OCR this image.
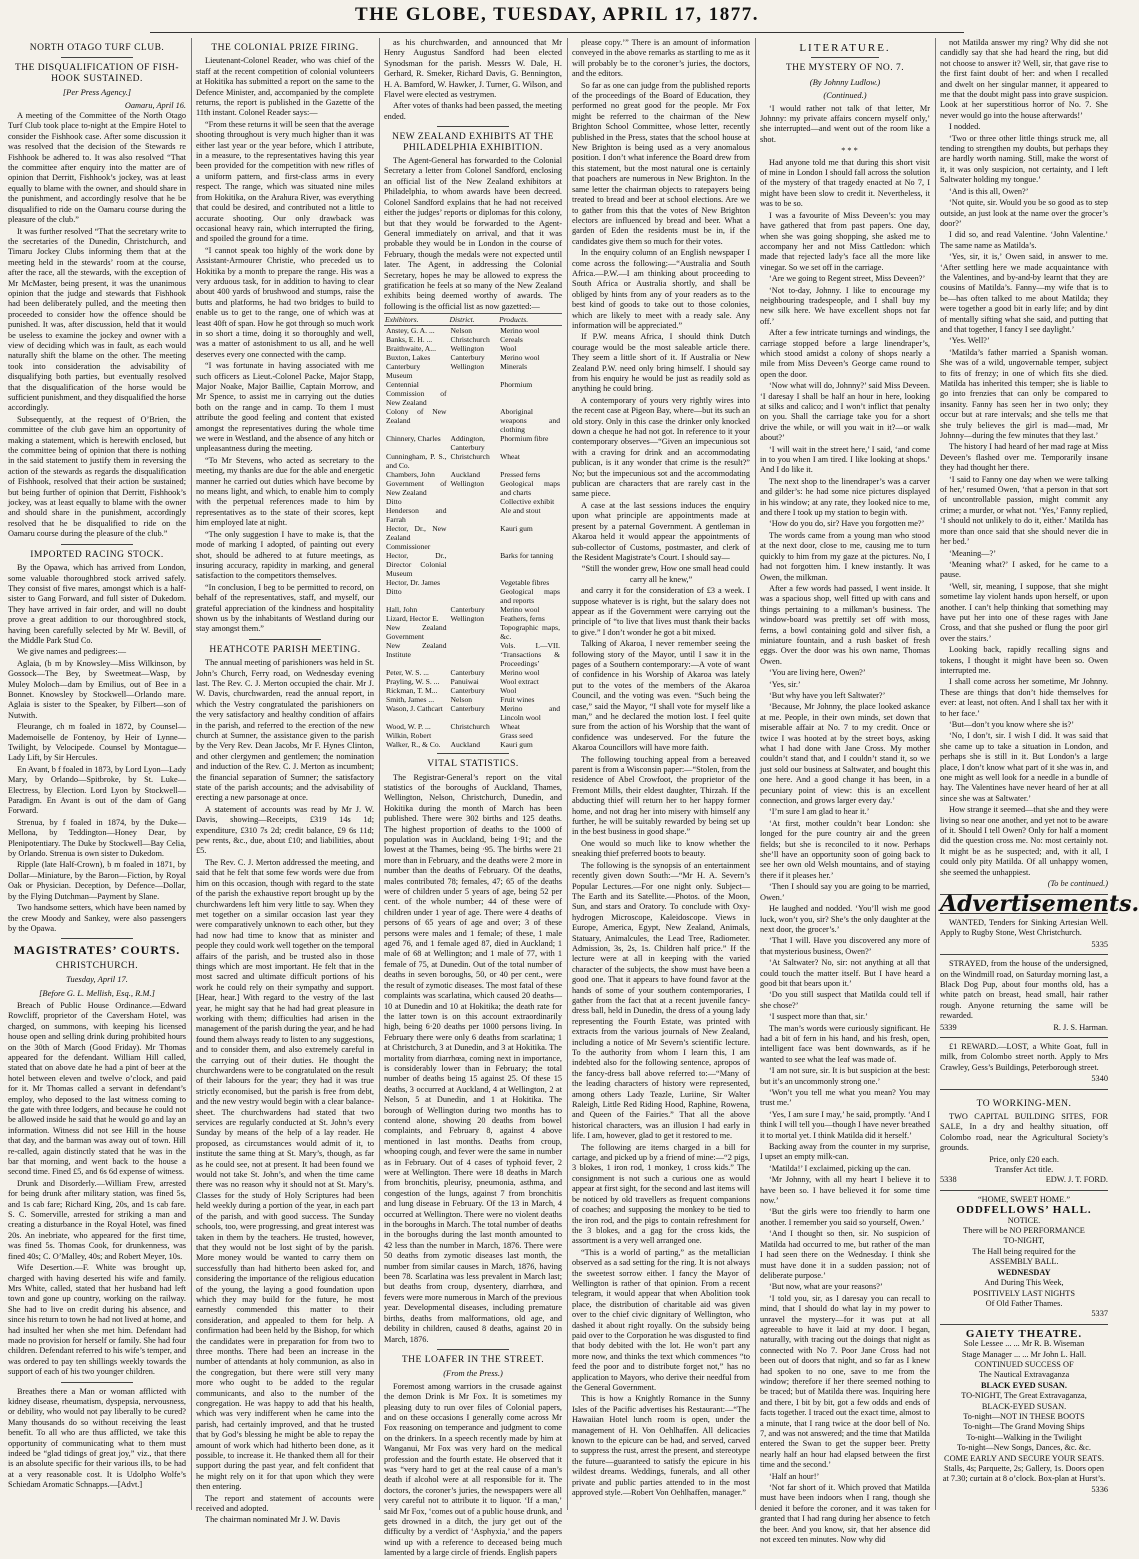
THE GLOBE, TUESDAY, APRIL 17, 1877.
NORTH OTAGO TURF CLUB.
THE DISQUALIFICATION OF FISH-HOOK SUSTAINED.
[Per Press Agency.]
Oamaru, April 16.

A meeting of the Committee of the North Otago Turf Club took place to-night at the Empire Hotel to consider the Fishhook case. After some discussion it was resolved that the decision of the Stewards re Fishhook be adhered to. It was also resolved “That the committee after enquiry into the matter are of opinion that Derritt, Fishhook’s jockey, was at least equally to blame with the owner, and should share in the punishment, and accordingly resolve that he be disqualified to ride on the Oamaru course during the pleasure of the club.”

It was further resolved “That the secretary write to the secretaries of the Dunedin, Christchurch, and Timaru Jockey Clubs informing them that at the meeting held in the stewards’ room at the course, after the race, all the stewards, with the exception of Mr McMaster, being present, it was the unanimous opinion that the judge and stewards that Fishhook had been deliberately pulled, and the meeting then proceeded to consider how the offence should be punished. It was, after discussion, held that it would be useless to examine the jockey and owner with a view of deciding which was in fault, as each would naturally shift the blame on the other. The meeting took into consideration the advisability of disqualifying both parties, but eventually resolved that the disqualification of the horse would be sufficient punishment, and they disqualified the horse accordingly.

Subsequently, at the request of O’Brien, the committee of the club gave him an opportunity of making a statement, which is herewith enclosed, but the committee being of opinion that there is nothing in the said statement to justify them in reversing the action of the stewards as regards the disqualification of Fishhook, resolved that their action be sustained; but being further of opinion that Derritt, Fishhook’s jockey, was at least equally to blame with the owner and should share in the punishment, accordingly resolved that he be disqualified to ride on the Oamaru course during the pleasure of the club.”

IMPORTED RACING STOCK.

By the Opawa, which has arrived from London, some valuable thoroughbred stock arrived safely. They consist of five mares, amongst which is a half-sister to Gang Forward, and full sister of Dukedom. They have arrived in fair order, and will no doubt prove a great addition to our thoroughbred stock, having been carefully selected by Mr W. Bevill, of the Middle Park Stud Co.

We give names and pedigrees:—

Aglaia, (b m by Knowsley—Miss Wilkinson, by Gossock—The Bey, by Sweetmeat—Wasp, by Muley Moloch—dam by Emilius, out of Bee in a Bonnet. Knowsley by Stockwell—Orlando mare. Aglaia is sister to the Speaker, by Filbert—son of Nutwith.

Fleurange, ch m foaled in 1872, by Counsel—Mademoiselle de Fontenoy, by Heir of Lynne—Twilight, by Velocipede. Counsel by Montague—Lady Lift, by Sir Hercules.

En Avant, b f foaled in 1873, by Lord Lyon—Lady Mary, by Orlando—Spitbroke, by St. Luke—Electress, by Election. Lord Lyon by Stockwell—Paradigm. En Avant is out of the dam of Gang Forward.

Strenua, by f foaled in 1874, by the Duke—Mellona, by Teddington—Honey Dear, by Plenipotentiary. The Duke by Stockwell—Bay Celia, by Orlando. Strenua is own sister to Dukedom.

Ripple (late Half-Crown), b m foaled in 1871, by Dollar—Miniature, by the Baron—Fiction, by Royal Oak or Physician. Deception, by Defence—Dollar, by the Flying Dutchman—Payment by Slane.

Two handsome setters, which have been named by the crew Moody and Sankey, were also passengers by the Opawa.

MAGISTRATES’ COURTS.
CHRISTCHURCH.
Tuesday, April 17.
[Before G. L. Mellish, Esq., R.M.]

Breach of Public House Ordinance.—Edward Rowcliff, proprietor of the Caversham Hotel, was charged, on summons, with keeping his licensed house open and selling drink during prohibited hours on the 30th of March (Good Friday). Mr Thomas appeared for the defendant. William Hill called, stated that on above date he had a pint of beer at the hotel between eleven and twelve o’clock, and paid for it. Mr Thomas called a servant in defendant’s employ, who deposed to the last witness coming to the gate with three lodgers, and because he could not be allowed inside he said that he would go and lay an information. Witness did not see Hill in the house that day, and the barman was away out of town. Hill re-called, again distinctly stated that he was in the bar that morning, and went back to the house a second time. Fined £5, and 6s 6d expense of witness.

Drunk and Disorderly.—William Frew, arrested for being drunk after military station, was fined 5s, and 1s cab fare; Richard King, 20s, and 1s cab fare. S. C. Somerville, arrested for striking a man and creating a disturbance in the Royal Hotel, was fined 20s. An inebriate, who appeared for the first time, was fined 5s. Thomas Cook, for drunkenness, was fined 40s; C. O’Malley, 40s; and Robert Meyer, 10s.

Wife Desertion.—F. White was brought up, charged with having deserted his wife and family. Mrs White, called, stated that her husband had left town and gone up country, working on the railway. She had to live on credit during his absence, and since his return to town he had not lived at home, and had insulted her when she met him. Defendant had made no provision for herself or family. She had four children. Defendant referred to his wife’s temper, and was ordered to pay ten shillings weekly towards the support of each of his two younger children.

Breathes there a Man or woman afflicted with kidney disease, rheumatism, dyspepsia, nervousness, or debility, who would not pay liberally to be cured? Many thousands do so without receiving the least benefit. To all who are thus afflicted, we take this opportunity of communicating what to them must indeed be “glad tidings of great joy,” viz., that there is an absolute specific for their various ills, to be had at a very reasonable cost. It is Udolpho Wolfe’s Schiedam Aromatic Schnapps.—[Advt.]

THE COLONIAL PRIZE FIRING.

Lieutenant-Colonel Reader, who was chief of the staff at the recent competition of colonial volunteers at Hokitika has submitted a report on the same to the Defence Minister, and, accompanied by the complete returns, the report is published in the Gazette of the 11th instant. Colonel Reader says:—

“From these returns it will be seen that the average shooting throughout is very much higher than it was either last year or the year before, which I attribute, in a measure, to the representatives having this year been provided for the competition with new rifles of a uniform pattern, and first-class arms in every respect. The range, which was situated nine miles from Hokitika, on the Arahura River, was everything that could be desired, and contributed not a little to accurate shooting. Our only drawback was occasional heavy rain, which interrupted the firing, and spoiled the ground for a time.

“I cannot speak too highly of the work done by Assistant-Armourer Christie, who preceded us to Hokitika by a month to prepare the range. His was a very arduous task, for in addition to having to clear about 400 yards of brushwood and stumps, raise the butts and platforms, he had two bridges to build to enable us to get to the range, one of which was at least 40ft of span. How he got through so much work in so short a time, doing it so thoroughly and well, was a matter of astonishment to us all, and he well deserves every one connected with the camp.

“I was fortunate in having associated with me such officers as Lieut.-Colonel Packe, Major Stapp, Major Noake, Major Baillie, Captain Morrow, and Mr Spence, to assist me in carrying out the duties both on the range and in camp. To them I must attribute the good feeling and content that existed amongst the representatives during the whole time we were in Westland, and the absence of any hitch or unpleasantness during the meeting.

“To Mr Stevens, who acted as secretary to the meeting, my thanks are due for the able and energetic manner he carried out duties which have become by no means light, and which, to enable him to comply with the perpetual references made to him by representatives as to the state of their scores, kept him employed late at night.

“The only suggestion I have to make is, that the mode of marking I adopted, of painting out every shot, should be adhered to at future meetings, as insuring accuracy, rapidity in marking, and general satisfaction to the competitors themselves.

“In conclusion, I beg to be permitted to record, on behalf of the representatives, staff, and myself, our grateful appreciation of the kindness and hospitality shown us by the inhabitants of Westland during our stay amongst them.”

HEATHCOTE PARISH MEETING.

The annual meeting of parishioners was held in St. John’s Church, Ferry road, on Wednesday evening last. The Rev. C. J. Merton occupied the chair. Mr J. W. Davis, churchwarden, read the annual report, in which the Vestry congratulated the parishioners on the very satisfactory and healthy condition of affairs in the parish, and referred to the erection of the new church at Sumner, the assistance given to the parish by the Very Rev. Dean Jacobs, Mr F. Hynes Clinton, and other clergymen and gentlemen; the nomination and induction of the Rev. C. J. Merton as incumbent; the financial separation of Sumner; the satisfactory state of the parish accounts; and the advisability of erecting a new parsonage at once.

A statement of accounts was read by Mr J. W. Davis, showing—Receipts, £319 14s 1d; expenditure, £310 7s 2d; credit balance, £9 6s 11d; pew rents, &c., due, about £10; and liabilities, about £5.

The Rev. C. J. Merton addressed the meeting, and said that he felt that some few words were due from him on this occasion, though with regard to the state of the parish the exhaustive report brought up by the churchwardens left him very little to say. When they met together on a similar occasion last year they were comparatively unknown to each other, but they had now had time to know that as minister and people they could work well together on the temporal affairs of the parish, and be trusted also in those things which are most important. He felt that in the most sacred and ultimate difficult portions of his work he could rely on their sympathy and support. [Hear, hear.] With regard to the vestry of the last year, he might say that he had had great pleasure in working with them; difficulties had arisen in the management of the parish during the year, and he had found them always ready to listen to any suggestions, and to consider them, and also extremely careful in the carrying out of their duties. He thought the churchwardens were to be congratulated on the result of their labours for the year; they had it was true strictly economised, but the parish is free from debt, and the new vestry would begin with a clear balance-sheet. The churchwardens had stated that two services are regularly conducted at St. John’s every Sunday by means of the help of a lay reader. He proposed, as circumstances would admit of it, to institute the same thing at St. Mary’s, though, as far as he could see, not at present. It had been found we would not take St. John’s, and when the time came there was no reason why it should not at St. Mary’s. Classes for the study of Holy Scriptures had been held weekly during a portion of the year, in each part of the parish, and with good success. The Sunday schools, too, were progressing, and great interest was taken in them by the teachers. He trusted, however, that they would not be lost sight of by the parish. More money would be wanted to carry them on successfully than had hitherto been asked for, and considering the importance of the religious education of the young, the laying a good foundation upon which they may build for the future, he most earnestly commended this matter to their consideration, and appealed to them for help. A confirmation had been held by the Bishop, for which the candidates were in preparation for from two to three months. There had been an increase in the number of attendants at holy communion, as also in the congregation, but there were still very many more who ought to be added to the regular communicants, and also to the number of the congregation. He was happy to add that his health, which was very indifferent when he came into the parish, had certainly improved, and that he trusted that by God’s blessing he might be able to repay the amount of work which had hitherto been done, as it possible, to increase it. He thanked them all for their support during the past year, and felt confident that he might rely on it for that upon which they were then entering.

The report and statement of accounts were received and adopted.

The chairman nominated Mr J. W. Davis

as his churchwarden, and announced that Mr Henry Augustus Sandford had been elected Synodsman for the parish. Messrs W. Dale, H. Gerhard, R. Smeker, Richard Davis, G. Bennington, H. A. Bamford, W. Hawker, J. Turner, G. Wilson, and Flavel were elected as vestrymen.

After votes of thanks had been passed, the meeting ended.

NEW ZEALAND EXHIBITS AT THE PHILADELPHIA EXHIBITION.

The Agent-General has forwarded to the Colonial Secretary a letter from Colonel Sandford, enclosing an official list of the New Zealand exhibitors at Philadelphia, to whom awards have been decreed. Colonel Sandford explains that he had not received either the judges’ reports or diplomas for this colony, but that they would be forwarded to the Agent-General immediately on arrival, and that it was probable they would be in London in the course of February, though the medals were not expected until later. The Agent, in addressing the Colonial Secretary, hopes he may be allowed to express the gratification he feels at so many of the New Zealand exhibits being deemed worthy of awards. The following is the official list as now gazetted:—

Exhibitors.	District.	Products.
Anstey, G. A. ...	Nelson	Merino wool
Banks, E. H. ...	Christchurch	Cereals
Braithwaite, A...	Wellington	Wool
Buxton, Lakes	Canterbury	Merino wool
Canterbury Museum	Wellington	Minerals
Centennial Commission of New Zealand		Phormium
Colony of New Zealand		Aboriginal weapons and clothing
Chinnery, Charles	Addington, Canterbury	Phormium fibre
Cunningham, P. S., and Co.	Christchurch	Wheat
Chambers, John	Auckland	Pressed ferns
Government of New Zealand	Wellington	Geological maps and charts
Ditto		Collective exhibit
Henderson and Farrah		Ale and stout
Hector, Dr., New Zealand Commissioner		Kauri gum
Hector, Dr., Director Colonial Museum		Barks for tanning
Hector, Dr. James		Vegetable fibres
Ditto		Geological maps and reports
Hall, John	Canterbury	Merino wool
Lizard, Hector E.	Wellington	Feathers, ferns
New Zealand Government		Topographic maps, &c.
New Zealand Institute		Vols. I.—VII. ‘Transactions & Proceedings’
Peter, W. S. ...	Canterbury	Merino wool
Prayling, W. S. ...	Panuiwai	Wool extract
Rickman, T. M...	Canterbury	Wool
Smith, James ...	Nelson	Fruit wines
Wason, J. Cathcart	Canterbury	Merino and Lincoln wool
Wood, W. P. ...	Christchurch	Wheat
Wilkin, Robert		Grass seed
Walker, R., & Co.	Auckland	Kauri gum
VITAL STATISTICS.

The Registrar-General’s report on the vital statistics of the boroughs of Auckland, Thames, Wellington, Nelson, Christchurch, Dunedin, and Hokitika during the month of March has been published. There were 302 births and 125 deaths. The highest proportion of deaths to the 1000 of population was in Auckland, being 1·91; and the lowest at the Thames, being ·95. The births were 21 more than in February, and the deaths were 2 more in number than the deaths of February. Of the deaths, males contributed 78; females, 47; 65 of the deaths were of children under 5 years of age, being 52 per cent. of the whole number; 44 of these were of children under 1 year of age. There were 4 deaths of persons of 65 years of age and over; 3 of these persons were males and 1 female; of these, 1 male aged 76, and 1 female aged 87, died in Auckland; 1 male of 68 at Wellington; and 1 male of 77, with 1 female of 75, at Dunedin. Out of the total number of deaths in seven boroughs, 50, or 40 per cent., were the result of zymotic diseases. The most fatal of these complaints was scarlatina, which caused 20 deaths—10 at Dunedin and 10 at Hokitika; the death rate for the latter town is on this account extraordinarily high, being 6·20 deaths per 1000 persons living. In February there were only 6 deaths from scarlatina; 1 at Christchurch, 3 at Dunedin, and 3 at Hokitika. The mortality from diarrhœa, coming next in importance, is considerably lower than in February; the total number of deaths being 15 against 25. Of these 15 deaths, 3 occurred at Auckland, 4 at Wellington, 2 at Nelson, 5 at Dunedin, and 1 at Hokitika. The borough of Wellington during two months has to contend alone, showing 20 deaths from bowel complaints, and February 8, against 4 above mentioned in last months. Deaths from croup, whooping cough, and fever were the same in number as in February. Out of 4 cases of typhoid fever, 2 were at Wellington. There were 18 deaths in March from bronchitis, pleurisy, pneumonia, asthma, and congestion of the lungs, against 7 from bronchitis and lung disease in February. Of the 13 in March, 4 occurred at Wellington. There were no violent deaths in the boroughs in March. The total number of deaths in the boroughs during the last month amounted to 42 less than the number in March, 1876. There were 50 deaths from zymotic diseases last month, the number from similar causes in March, 1876, having been 78. Scarlatina was less prevalent in March last; but deaths from croup, dysentery, diarrhœa, and fevers were more numerous in March of the previous year. Developmental diseases, including premature births, deaths from malformations, old age, and debility in children, caused 8 deaths, against 20 in March, 1876.

THE LOAFER IN THE STREET.
(From the Press.)

Foremost among warriors in the crusade against the demon Drink is Mr Fox. It is sometimes my pleasing duty to run over files of Colonial papers, and on these occasions I generally come across Mr Fox reasoning on temperance and judgment to come on the drinkers. In a speech recently made by him at Wanganui, Mr Fox was very hard on the medical profession and the fourth estate. He observed that it was “very hard to get at the real cause of a man’s death if alcohol were at all responsible for it. The doctors, the coroner’s juries, the newspapers were all very careful not to attribute it to liquor. ‘If a man,’ said Mr Fox, ‘comes out of a public house drunk, and gets drowned in a ditch, the jury get out of the difficulty by a verdict of ‘Asphyxia,’ and the papers wind up with a reference to deceased being much lamented by a large circle of friends. English papers

please copy.’” There is an amount of information conveyed in the above remarks as startling to me as it will probably be to the coroner’s juries, the doctors, and the editors.

So far as one can judge from the published reports of the proceedings of the Board of Education, they performed no great good for the people. Mr Fox might be referred to the chairman of the New Brighton School Committee, whose letter, recently published in the Press, states that the school house at New Brighton is being used as a very anomalous position. I don’t what inference the Board drew from this statement, but the most natural one is certainly that poachers are numerous in New Brighton. In the same letter the chairman objects to ratepayers being treated to bread and beer at school elections. Are we to gather from this that the votes of New Brighton electors are influenced by bread and beer. What a garden of Eden the residents must be in, if the candidates give them so much for their votes.

In the enquiry column of an English newspaper I come across the following:—“Australia and South Africa.—P.W.—I am thinking about proceeding to South Africa or Australia shortly, and shall be obliged by hints from any of your readers as to the best kind of goods to take out to those colonies, which are likely to meet with a ready sale. Any information will be appreciated.”

If P.W. means Africa, I should think Dutch courage would be the most saleable article there. They seem a little short of it. If Australia or New Zealand P.W. need only bring himself. I should say from his enquiry he would be just as readily sold as anything he could bring.

A contemporary of yours very rightly wires into the recent case at Pigeon Bay, where—but its such an old story. Only in this case the drinker only knocked down a cheque he had not got. In reference to it your contemporary observes—“Given an impecunious sot with a craving for drink and an accommodating publican, is it any wonder that crime is the result?” No; but the impecunious sot and the accommodating publican are characters that are rarely cast in the same piece.

A case at the last sessions induces the enquiry upon what principle are appointments made at present by a paternal Government. A gentleman in Akaroa held it would appear the appointments of sub-collector of Customs, postmaster, and clerk of the Resident Magistrate’s Court. I should say—

“Still the wonder grew, How one small head could carry all he knew,”

and carry it for the consideration of £3 a week. I suppose whatever is is right, but the salary does not appear as if the Government were carrying out the principle of “to live that lives must thank their backs to give.” I don’t wonder he got a bit mixed.

Talking of Akaroa, I never remember seeing the following story of the Mayor, until I saw it in the pages of a Southern contemporary:—A vote of want of confidence in his Worship of Akaroa was lately put to the votes of the members of the Akaroa Council, and the voting was even. “Such being the case,” said the Mayor, “I shall vote for myself like a man,” and he declared the motion lost. I feel quite sure from the action of his Worship that the want of confidence was undeserved. For the future the Akaroa Councillors will have more faith.

The following touching appeal from a bereaved parent is from a Wisconsin paper:—“Stolen, from the residence of Abel Crowfoot, the proprietor of the Fremont Mills, their eldest daughter, Thirzah. If the abducting thief will return her to her happy former home, and not drag her into misery with himself any further, he will be suitably rewarded by being set up in the best business in good shape.”

One would so much like to know whether the sneaking thief preferred boots to beauty.

The following is the synopsis of an entertainment recently given down South:—“Mr H. A. Severn’s Popular Lectures.—For one night only. Subject—The Earth and its Satellite.—Photos. of the Moon, Sun, and stars and Oratory. To conclude with Oxy-hydrogen Microscope, Kaleidoscope. Views in Europe, America, Egypt, New Zealand, Animals, Statuary, Animalcules, the Lead Tree, Radiometer. Admission, 3s, 2s, 1s. Children half price.” If the lecture were at all in keeping with the varied character of the subjects, the show must have been a good one. That it appears to have found favor at the hands of some of your southern contemporaries, I gather from the fact that at a recent juvenile fancy-dress ball, held in Dunedin, the dress of a young lady representing the Fourth Estate, was printed with extracts from the various journals of New Zealand, including a notice of Mr Severn’s scientific lecture. To the authority from whom I learn this, I am indebted also for the following sentence, apropos of the fancy-dress ball above referred to:—“Many of the leading characters of history were represented, among others Lady Teazle, Luriine, Sir Walter Raleigh, Little Red Riding Hood, Raphine, Rowena, and Queen of the Fairies.” That all the above historical characters, was an illusion I had early in life. I am, however, glad to get it restored to me.

The following are items charged in a bill for cartage, and picked up by a friend of mine:—“2 pigs, 3 blokes, 1 iron rod, 1 monkey, 1 cross kids.” The consignment is not such a curious one as would appear at first sight, for the second and last items will be noticed by old travellers as frequent companions of coaches; and supposing the monkey to be tied to the iron rod, and the pigs to contain refreshment for the 3 blokes, and a gag for the cross kids, the assortment is a very well arranged one.

“This is a world of parting,” as the metallician observed as a sad setting for the ring. It is not always the sweetest sorrow either. I fancy the Mayor of Wellington is rather of that opinion. From a recent telegram, it would appear that when Abolition took place, the distribution of charitable aid was given over to the chief civic dignitary of Wellington, who dashed it about right royally. On the subsidy being paid over to the Corporation he was disgusted to find that body debited with the lot. He won’t part any more now, and thinks the text which commences “to feed the poor and to distribute forget not,” has no application to Mayors, who derive their needful from the General Government.

This is how a Knightly Romance in the Sunny Isles of the Pacific advertises his Restaurant:—“The Hawaiian Hotel lunch room is open, under the management of H. Von Oehlhaffen. All delicacies known to the epicure can be had, and served, carved to suppress the rust, arrest the present, and stereotype the future—guaranteed to satisfy the epicure in his wildest dreams. Weddings, funerals, and all other private and public parties attended to in the most approved style.—Robert Von Oehlhaffen, manager.”

LITERATURE.
THE MYSTERY OF NO. 7.
(By Johnny Ludlow.)
(Continued.)

‘I would rather not talk of that letter, Mr Johnny: my private affairs concern myself only,’ she interrupted—and went out of the room like a shot.

* * *

Had anyone told me that during this short visit of mine in London I should fall across the solution of the mystery of that tragedy enacted at No 7, I might have been slow to credit it. Nevertheless, it was to be so.

I was a favourite of Miss Deveen’s: you may have gathered that from past papers. One day, when she was going shopping, she asked me to accompany her and not Miss Cattledon: which made that rejected lady’s face all the more like vinegar. So we set off in the carriage.

‘Are we going to Regent street, Miss Deveen?’

‘Not to-day, Johnny. I like to encourage my neighbouring tradespeople, and I shall buy my new silk here. We have excellent shops not far off.’

After a few intricate turnings and windings, the carriage stopped before a large linendraper’s, which stood amidst a colony of shops nearly a mile from Miss Deveen’s George came round to open the door.

‘Now what will do, Johnny?’ said Miss Deveen. ‘I daresay I shall be half an hour in here, looking at silks and calico; and I won’t inflict that penalty on you. Shall the carriage take you for a short drive the while, or will you wait in it?—or walk about?’

‘I will wait in the street here,’ I said, ‘and come in to you when I am tired. I like looking at shops.’ And I do like it.

The next shop to the linendraper’s was a carver and gilder’s: he had some nice pictures displayed in his window; at any rate, they looked nice to me, and there I took up my station to begin with.

‘How do you do, sir? Have you forgotten me?’

The words came from a young man who stood at the next door, close to me, causing me to turn quickly to him from my gaze at the pictures. No, I had not forgotten him. I knew instantly. It was Owen, the milkman.

After a few words had passed, I went inside. It was a spacious shop, well fitted up with cans and things pertaining to a milkman’s business. The window-board was prettily set off with moss, ferns, a bowl containing gold and silver fish, a miniature fountain, and a rush basket of fresh eggs. Over the door was his own name, Thomas Owen.

‘You are living here, Owen?’

‘Yes, sir.’

‘But why have you left Saltwater?’

‘Because, Mr Johnny, the place looked askance at me. People, in their own minds, set down that miserable affair at No. 7 to my credit. Once or twice I was hooted at by the street boys, asking what I had done with Jane Cross. My mother couldn’t stand that, and I couldn’t stand it, so we just sold our business at Saltwater, and bought this one here. And a good change it has been, in a pecuniary point of view: this is an excellent connection, and grows larger every day.’

‘I’m sure I am glad to hear it.’

‘At first, mother couldn’t bear London: she longed for the pure country air and the green fields; but she is reconciled to it now. Perhaps she’ll have an opportunity soon of going back to see her own old Welsh mountains, and of staying there if it pleases her.’

‘Then I should say you are going to be married, Owen.’

He laughed and nodded. ‘You’ll wish me good luck, won’t you, sir? She’s the only daughter at the next door, the grocer’s.’

‘That I will. Have you discovered any more of that mysterious business, Owen?’

‘At Saltwater? No, sir: not anything at all that could touch the matter itself. But I have heard a good bit that bears upon it.’

‘Do you still suspect that Matilda could tell if she chose?’

‘I suspect more than that, sir.’

The man’s words were curiously significant. He had a bit of fern in his hand, and his fresh, open, intelligent face was bent downwards, as if he wanted to see what the leaf was made of.

‘I am not sure, sir. It is but suspicion at the best: but it’s an uncommonly strong one.’

‘Won’t you tell me what you mean? You may trust me.’

‘Yes, I am sure I may,’ he said, promptly. ‘And I think I will tell you—though I have never breathed it to mortal yet. I think Matilda did it herself.’

Backing away from the counter in my surprise, I upset an empty milk-can.

‘Matilda!’ I exclaimed, picking up the can.

‘Mr Johnny, with all my heart I believe it to have been so. I have believed it for some time now.’

‘But the girls were too friendly to harm one another. I remember you said so yourself, Owen.’

‘And I thought so then, sir. No suspicion of Matilda had occurred to me, but rather of the man I had seen there on the Wednesday. I think she must have done it in a sudden passion; not of deliberate purpose.’

‘But now, what are your reasons?’

‘I told you, sir, as I daresay you can recall to mind, that I should do what lay in my power to unravel the mystery—for it was put at all agreeable to have it laid at my door. I began, naturally, with tracing out the doings that night as connected with No 7. Poor Jane Cross had not been out of doors that night, and so far as I knew had spoken to no one, save to me from the window; therefore if her there seemed nothing to be traced; but of Matilda there was. Inquiring here and there, I bit by bit, got a few odds and ends of facts together. I traced out the exact time, almost to a minute, that I rang twice at the door bell of No. 7, and was not answered; and the time that Matilda entered the Swan to get the supper beer. Pretty nearly half an hour had elapsed between the first time and the second.’

‘Half an hour!’

‘Not far short of it. Which proved that Matilda must have been indoors when I rang, though she denied it before the coroner, and it was taken for granted that I had rang during her absence to fetch the beer. And you know, sir, that her absence did not exceed ten minutes. Now why did

not Matilda answer my ring? Why did she not candidly say that she had heard the ring, but did not choose to answer it? Well, sir, that gave rise to the first faint doubt of her: and when I recalled and dwelt on her singular manner, it appeared to me that the doubt might pass into grave suspicion. Look at her superstitious horror of No. 7. She never would go into the house afterwards!’

I nodded.

‘Two or three other little things struck me, all tending to strengthen my doubts, but perhaps they are hardly worth naming. Still, make the worst of it, it was only suspicion, not certainty, and I left Saltwater holding my tongue.’

‘And is this all, Owen?’

‘Not quite, sir. Would you be so good as to step outside, an just look at the name over the grocer’s door?’

I did so, and read Valentine. ‘John Valentine.’ The same name as Matilda’s.

‘Yes, sir, it is,’ Owen said, in answer to me. ‘After settling here we made acquaintance with the Valentines, and by-and-by learnt that they are cousins of Matilda’s. Fanny—my wife that is to be—has often talked to me about Matilda; they were together a good bit in early life; and by dint of mentally sifting what she said, and putting that and that together, I fancy I see daylight.’

‘Yes. Well?’

‘Matilda’s father married a Spanish woman. She was of a wild, ungovernable temper, subject to fits of frenzy; in one of which fits she died. Matilda has inherited this temper; she is liable to go into frenzies that can only be compared to insanity. Fanny has seen her in two only; they occur but at rare intervals; and she tells me that she truly believes the girl is mad—mad, Mr Johnny—during the few minutes that they last.’

The history I had heard of her mad rage at Miss Deveen’s flashed over me. Temporarily insane they had thought her there.

‘I said to Fanny one day when we were talking of her,’ resumed Owen, ‘that a person in that sort of uncontrollable passion, might commit any crime; a murder, or what not. ‘Yes,’ Fanny replied, ‘I should not unlikely to do it, either.’ Matilda has more than once said that she should never die in her bed.’

‘Meaning—?’

‘Meaning what?’ I asked, for he came to a pause.

‘Well, sir, meaning, I suppose, that she might sometime lay violent hands upon herself, or upon another. I can’t help thinking that something may have put her into one of these rages with Jane Cross, and that she pushed or flung the poor girl over the stairs.’

Looking back, rapidly recalling signs and tokens, I thought it might have been so. Owen interrupted me.

I shall come across her sometime, Mr Johnny. These are things that don’t hide themselves for ever: at least, not often. And I shall tax her with it to her face.’

‘But—don’t you know where she is?’

‘No, I don’t, sir. I wish I did. It was said that she came up to take a situation in London, and perhaps she is still in it. But London’s a large place, I don’t know what part of it she was in, and one might as well look for a needle in a bundle of hay. The Valentines have never heard of her at all since she was at Saltwater.’

How strange it seemed—that she and they were living so near one another, and yet not to be aware of it. Should I tell Owen? Only for half a moment did the question cross me. No: most certainly not. It might be as he suspected; and, with it all, I could only pity Matilda. Of all unhappy women, she seemed the unhappiest.

(To be continued.)

Advertisements.

WANTED, Tenders for Sinking Artesian Well. Apply to Rugby Stone, West Christchurch.

5335

STRAYED, from the house of the undersigned, on the Windmill road, on Saturday morning last, a Black Dog Pup, about four months old, has a white patch on breast, head small, hair rather rough. Anyone returning the same will be rewarded.

5339	R. J. S. Harman.

£1 REWARD.—LOST, a White Goat, full in milk, from Colombo street north. Apply to Mrs Crawley, Gess’s Buildings, Peterborough street.

5340
TO WORKING-MEN.

TWO CAPITAL BUILDING SITES, FOR SALE, In a dry and healthy situation, off Colombo road, near the Agricultural Society’s grounds.

Price, only £20 each.
Transfer Act title.
5338	EDW. J. T. FORD.
“HOME, SWEET HOME.”
ODDFELLOWS’ HALL.
NOTICE.
There will be NO PERFORMANCE
TO-NIGHT,
The Hall being required for the
ASSEMBLY BALL.
WEDNESDAY
And During This Week,
POSITIVELY LAST NIGHTS
Of Old Father Thames.
5337
GAIETY THEATRE.
Sole Lessee ... ... Mr R. B. Wiseman
Stage Manager ... ... Mr John L. Hall.
CONTINUED SUCCESS OF
The Nautical Extravaganza
BLACK EYED SUSAN.
TO-NIGHT, The Great Extravaganza,
BLACK-EYED SUSAN.
To-night—NOT IN THESE BOOTS
To-night—The Grand Moving Ships
To-night—Walking in the Twilight
To-night—New Songs, Dances, &c. &c.
COME EARLY AND SECURE YOUR SEATS.
Stalls, 4s; Parquette, 2s; Gallery, 1s. Doors open at 7.30; curtain at 8 o’clock. Box-plan at Hurst’s.
5336
